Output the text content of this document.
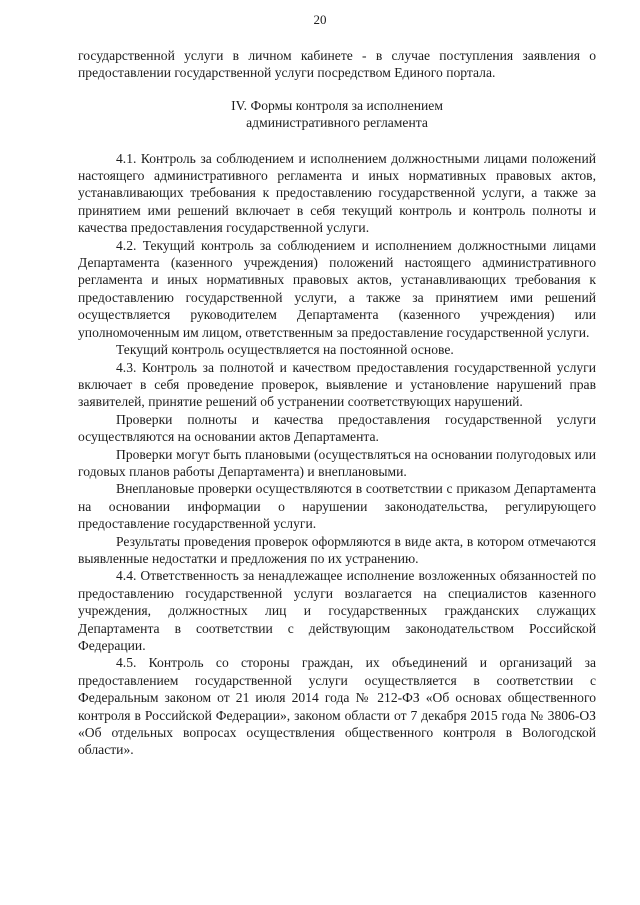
20

государственной услуги в личном кабинете - в случае поступления заявления о предоставлении государственной услуги посредством Единого портала.

IV. Формы контроля за исполнением
административного регламента

4.1. Контроль за соблюдением и исполнением должностными лицами положений настоящего административного регламента и иных нормативных правовых актов, устанавливающих требования к предоставлению государственной услуги, а также за принятием ими решений включает в себя текущий контроль и контроль полноты и качества предоставления государственной услуги.

4.2. Текущий контроль за соблюдением и исполнением должностными лицами Департамента (казенного учреждения) положений настоящего административного регламента и иных нормативных правовых актов, устанавливающих требования к предоставлению государственной услуги, а также за принятием ими решений осуществляется руководителем Департамента (казенного учреждения) или уполномоченным им лицом, ответственным за предоставление государственной услуги.

Текущий контроль осуществляется на постоянной основе.

4.3. Контроль за полнотой и качеством предоставления государственной услуги включает в себя проведение проверок, выявление и установление нарушений прав заявителей, принятие решений об устранении соответствующих нарушений.

Проверки полноты и качества предоставления государственной услуги осуществляются на основании актов Департамента.

Проверки могут быть плановыми (осуществляться на основании полугодовых или годовых планов работы Департамента) и внеплановыми.

Внеплановые проверки осуществляются в соответствии с приказом Департамента на основании информации о нарушении законодательства, регулирующего предоставление государственной услуги.

Результаты проведения проверок оформляются в виде акта, в котором отмечаются выявленные недостатки и предложения по их устранению.

4.4. Ответственность за ненадлежащее исполнение возложенных обязанностей по предоставлению государственной услуги возлагается на специалистов казенного учреждения, должностных лиц и государственных гражданских служащих Департамента в соответствии с действующим законодательством Российской Федерации.

4.5. Контроль со стороны граждан, их объединений и организаций за предоставлением государственной услуги осуществляется в соответствии с Федеральным законом от 21 июля 2014 года № 212-ФЗ «Об основах общественного контроля в Российской Федерации», законом области от 7 декабря 2015 года № 3806-ОЗ «Об отдельных вопросах осуществления общественного контроля в Вологодской области».
